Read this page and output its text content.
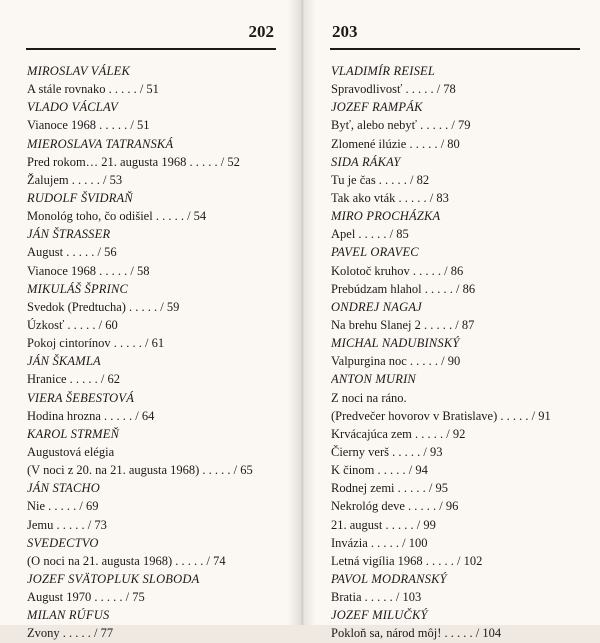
202
MIROSLAV VÁLEK
A stále rovnako . . . . . / 51
VLADO VÁCLAV
Vianoce 1968 . . . . . / 51
MIEROSLAVA TATRANSKÁ
Pred rokom… 21. augusta 1968 . . . . . / 52
Žalujem . . . . . / 53
RUDOLF ŠVIDRAŇ
Monológ toho, čo odišiel . . . . . / 54
JÁN ŠTRASSER
August . . . . . / 56
Vianoce 1968 . . . . . / 58
MIKULÁŠ ŠPRINC
Svedok (Predtucha) . . . . . / 59
Úzkosť . . . . . / 60
Pokoj cintorínov . . . . . / 61
JÁN ŠKAMLA
Hranice . . . . . / 62
VIERA ŠEBESTOVÁ
Hodina hrozna . . . . . / 64
KAROL STRMEŇ
Augustová elégia
(V noci z 20. na 21. augusta 1968) . . . . . / 65
JÁN STACHO
Nie . . . . . / 69
Jemu . . . . . / 73
SVEDECTVO
(O noci na 21. augusta 1968) . . . . . / 74
JOZEF SVÄTOPLUK SLOBODA
August 1970 . . . . . / 75
MILAN RÚFUS
Zvony . . . . . / 77
203
VLADIMÍR REISEL
Spravodlivosť . . . . . / 78
JOZEF RAMPÁK
Byť, alebo nebyť . . . . . / 79
Zlomené ilúzie . . . . . / 80
SIDA RÁKAY
Tu je čas . . . . . / 82
Tak ako vták . . . . . / 83
MIRO PROCHÁZKA
Apel . . . . . / 85
PAVEL ORAVEC
Kolotoč kruhov . . . . . / 86
Prebúdzam hlahol . . . . . / 86
ONDREJ NAGAJ
Na brehu Slanej 2 . . . . . / 87
MICHAL NADUBINSKÝ
Valpurgina noc . . . . . / 90
ANTON MURIN
Z noci na ráno.
(Predvečer hovorov v Bratislave) . . . . . / 91
Krvácajúca zem . . . . . / 92
Čierny verš . . . . . / 93
K činom . . . . . / 94
Rodnej zemi . . . . . / 95
Nekrológ deve . . . . . / 96
21. august . . . . . / 99
Invázia . . . . . / 100
Letná vigília 1968 . . . . . / 102
PAVOL MODRANSKÝ
Bratia . . . . . / 103
JOZEF MILUČKÝ
Pokloň sa, národ môj! . . . . . / 104
